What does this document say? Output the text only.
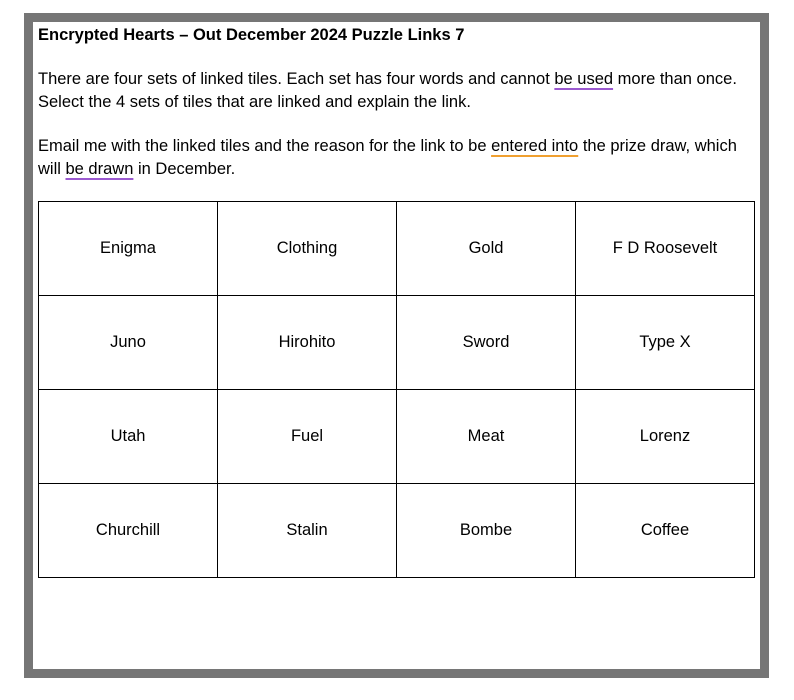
Encrypted Hearts – Out December 2024 Puzzle Links 7

There are four sets of linked tiles. Each set has four words and cannot be used more than once. Select the 4 sets of tiles that are linked and explain the link.

Email me with the linked tiles and the reason for the link to be entered into the prize draw, which will be drawn in December.

Enigma	Clothing	Gold	F D Roosevelt
Juno	Hirohito	Sword	Type X
Utah	Fuel	Meat	Lorenz
Churchill	Stalin	Bombe	Coffee
